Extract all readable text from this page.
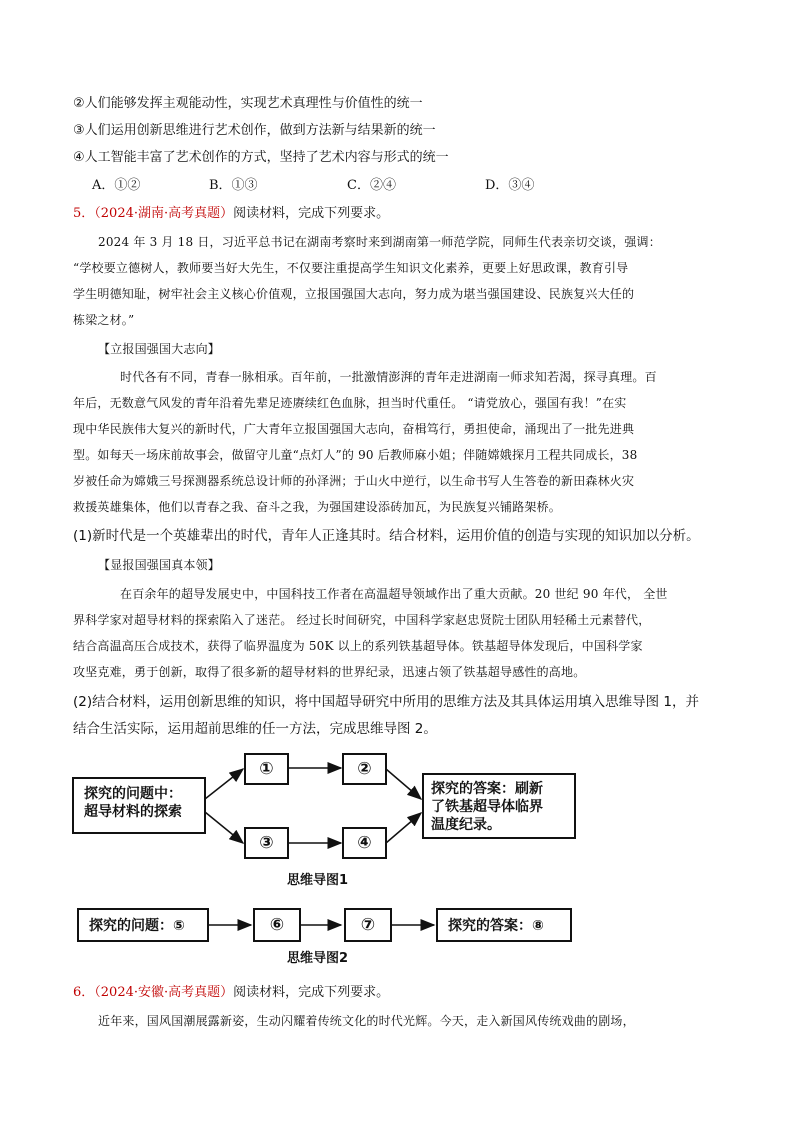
②人们能够发挥主观能动性，实现艺术真理性与价值性的统一
③人们运用创新思维进行艺术创作，做到方法新与结果新的统一
④人工智能丰富了艺术创作的方式，坚持了艺术内容与形式的统一
A．①②	B．①③	C．②④	D．③④
5．（2024·湖南·高考真题）阅读材料，完成下列要求。
2024 年 3 月 18 日，习近平总书记在湖南考察时来到湖南第一师范学院，同师生代表亲切交谈，强调：
“学校要立德树人，教师要当好大先生，不仅要注重提高学生知识文化素养，更要上好思政课，教育引导
学生明德知耻，树牢社会主义核心价值观，立报国强国大志向，努力成为堪当强国建设、民族复兴大任的
栋梁之材。”
【立报国强国大志向】
时代各有不同，青春一脉相承。百年前，一批激情澎湃的青年走进湖南一师求知若渴，探寻真理。百
年后，无数意气风发的青年沿着先辈足迹赓续红色血脉，担当时代重任。 “请党放心，强国有我！”在实
现中华民族伟大复兴的新时代，广大青年立报国强国大志向，奋楫笃行，勇担使命，涌现出了一批先进典
型。如每天一场床前故事会，做留守儿童“点灯人”的 90 后教师麻小姐；伴随嫦娥探月工程共同成长，38
岁被任命为嫦娥三号探测器系统总设计师的孙泽洲；于山火中逆行，以生命书写人生答卷的新田森林火灾
救援英雄集体，他们以青春之我、奋斗之我，为强国建设添砖加瓦，为民族复兴铺路架桥。
(1)新时代是一个英雄辈出的时代，青年人正逢其时。结合材料，运用价值的创造与实现的知识加以分析。
【显报国强国真本领】
在百余年的超导发展史中，中国科技工作者在高温超导领域作出了重大贡献。20 世纪 90 年代， 全世
界科学家对超导材料的探索陷入了迷茫。 经过长时间研究，中国科学家赵忠贤院士团队用轻稀土元素替代，
结合高温高压合成技术，获得了临界温度为 50K 以上的系列铁基超导体。铁基超导体发现后，中国科学家
攻坚克难，勇于创新，取得了很多新的超导材料的世界纪录，迅速占领了铁基超导感性的高地。
(2)结合材料，运用创新思维的知识，将中国超导研究中所用的思维方法及其具体运用填入思维导图 1，并
结合生活实际，运用超前思维的任一方法，完成思维导图 2。
探究的问题中：
超导材料的探索
①	②
③	④
探究的答案：刷新
了铁基超导体临界
温度纪录。
思维导图1
探究的问题：⑤	⑥	⑦	探究的答案：⑧
思维导图2
6．（2024·安徽·高考真题）阅读材料，完成下列要求。
近年来，国风国潮展露新姿，生动闪耀着传统文化的时代光辉。今天，走入新国风传统戏曲的剧场，
